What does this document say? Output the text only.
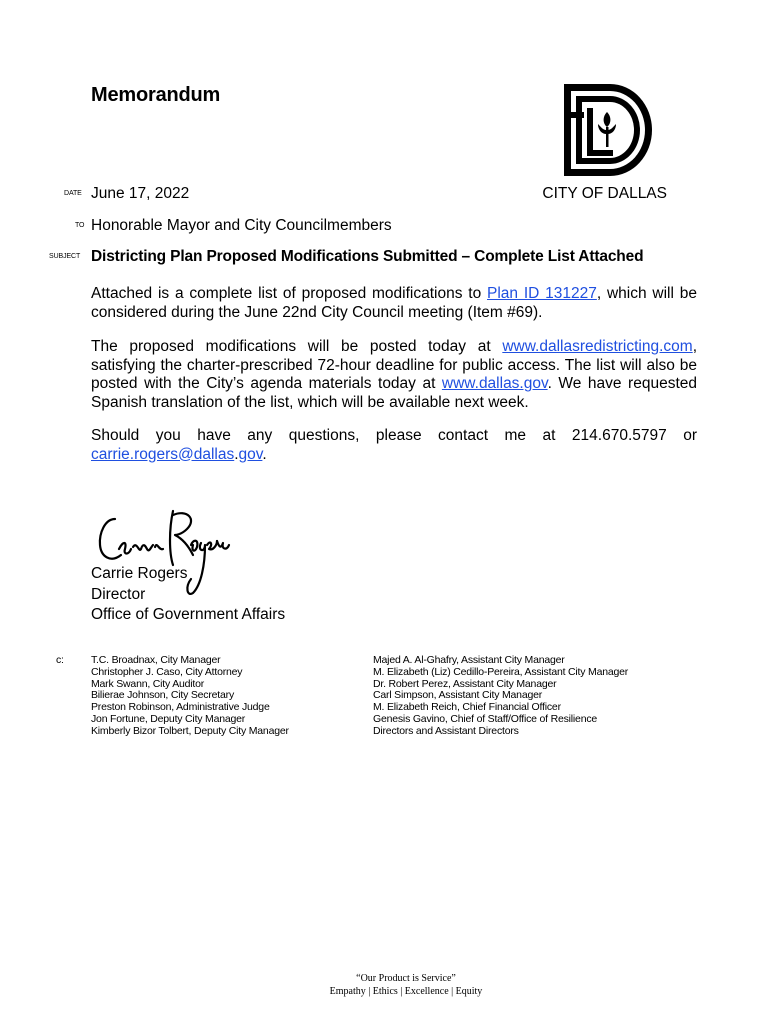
Memorandum
DATE June 17, 2022	CITY OF DALLAS
TO Honorable Mayor and City Councilmembers
SUBJECT Districting Plan Proposed Modifications Submitted – Complete List Attached

Attached is a complete list of proposed modifications to Plan ID 131227, which will be considered during the June 22nd City Council meeting (Item #69).

The proposed modifications will be posted today at www.dallasredistricting.com, satisfying the charter-prescribed 72-hour deadline for public access. The list will also be posted with the City’s agenda materials today at www.dallas.gov. We have requested Spanish translation of the list, which will be available next week.

Should you have any questions, please contact me at 214.670.5797 or
carrie.rogers@dallas.gov.
Carrie Rogers
Director
Office of Government Affairs
c:	T.C. Broadnax, City Manager
Christopher J. Caso, City Attorney
Mark Swann, City Auditor
Bilierae Johnson, City Secretary
Preston Robinson, Administrative Judge
Jon Fortune, Deputy City Manager
Kimberly Bizor Tolbert, Deputy City Manager
Majed A. Al-Ghafry, Assistant City Manager
M. Elizabeth (Liz) Cedillo-Pereira, Assistant City Manager
Dr. Robert Perez, Assistant City Manager
Carl Simpson, Assistant City Manager
M. Elizabeth Reich, Chief Financial Officer
Genesis Gavino, Chief of Staff/Office of Resilience
Directors and Assistant Directors
“Our Product is Service”
Empathy | Ethics | Excellence | Equity
